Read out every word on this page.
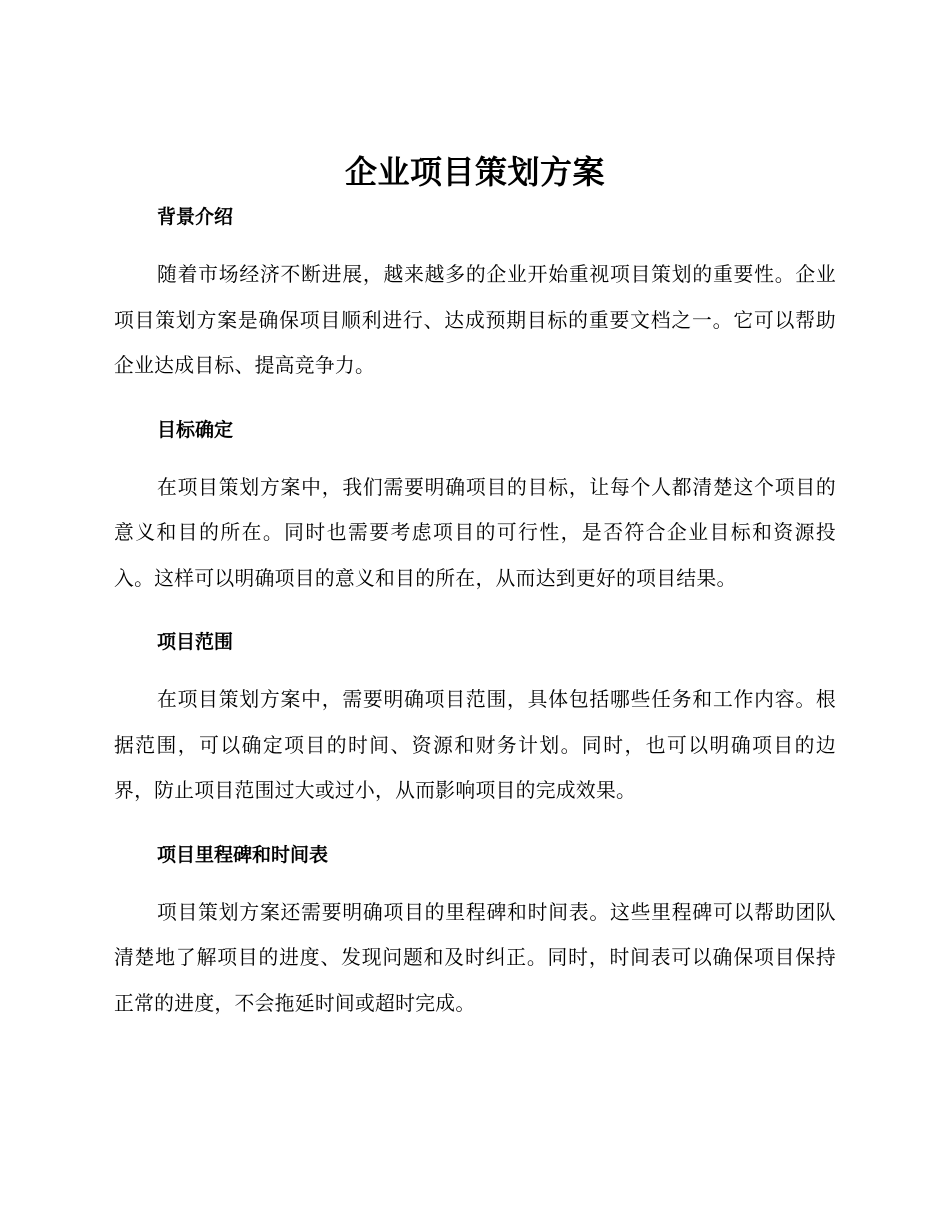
企业项目策划方案
背景介绍

随着市场经济不断进展，越来越多的企业开始重视项目策划的重要性。企业项目策划方案是确保项目顺利进行、达成预期目标的重要文档之一。它可以帮助企业达成目标、提高竞争力。

目标确定

在项目策划方案中，我们需要明确项目的目标，让每个人都清楚这个项目的意义和目的所在。同时也需要考虑项目的可行性，是否符合企业目标和资源投入。这样可以明确项目的意义和目的所在，从而达到更好的项目结果。

项目范围

在项目策划方案中，需要明确项目范围，具体包括哪些任务和工作内容。根据范围，可以确定项目的时间、资源和财务计划。同时，也可以明确项目的边界，防止项目范围过大或过小，从而影响项目的完成效果。

项目里程碑和时间表

项目策划方案还需要明确项目的里程碑和时间表。这些里程碑可以帮助团队清楚地了解项目的进度、发现问题和及时纠正。同时，时间表可以确保项目保持正常的进度，不会拖延时间或超时完成。
